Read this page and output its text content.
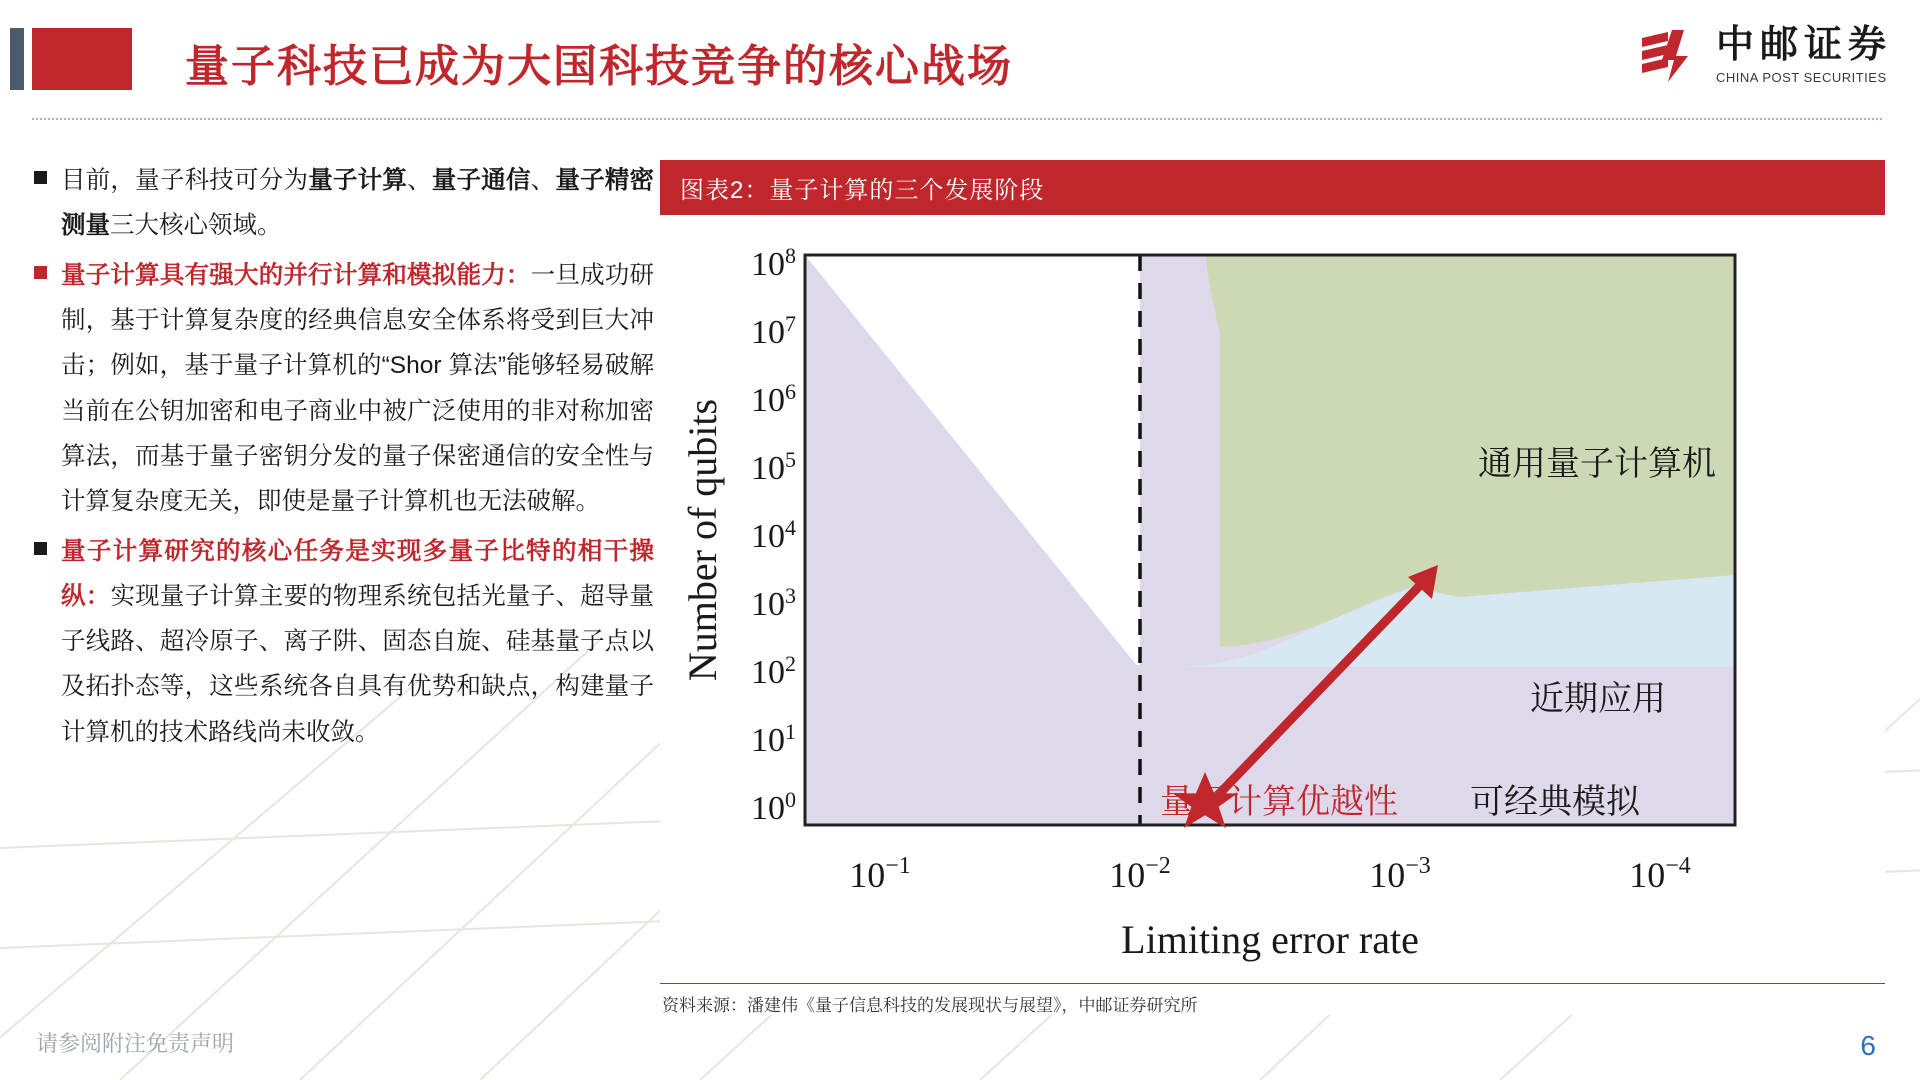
量子科技已成为大国科技竞争的核心战场	中邮证券
CHINA POST SECURITIES
目前，量子科技可分为量子计算、量子通信、量子精密测量三大核心领域。
量子计算具有强大的并行计算和模拟能力：一旦成功研制，基于计算复杂度的经典信息安全体系将受到巨大冲击；例如，基于量子计算机的“Shor 算法”能够轻易破解当前在公钥加密和电子商业中被广泛使用的非对称加密算法，而基于量子密钥分发的量子保密通信的安全性与计算复杂度无关，即使是量子计算机也无法破解。
量子计算研究的核心任务是实现多量子比特的相干操纵：实现量子计算主要的物理系统包括光量子、超导量子线路、超冷原子、离子阱、固态自旋、硅基量子点以及拓扑态等，这些系统各自具有优势和缺点，构建量子计算机的技术路线尚未收敛。
图表2：量子计算的三个发展阶段
通用量子计算机
近期应用
量子计算优越性 可经典模拟
$10^8$
$10^7$
$10^6$
$10^5$
$10^4$
$10^3$
$10^2$
$10^1$
$10^0$
$10^{-1}$	$10^{-2}$	$10^{-3}$	$10^{-4}$
Limiting error rate
Number of qubits
资料来源：潘建伟《量子信息科技的发展现状与展望》，中邮证券研究所
请参阅附注免责声明	6
